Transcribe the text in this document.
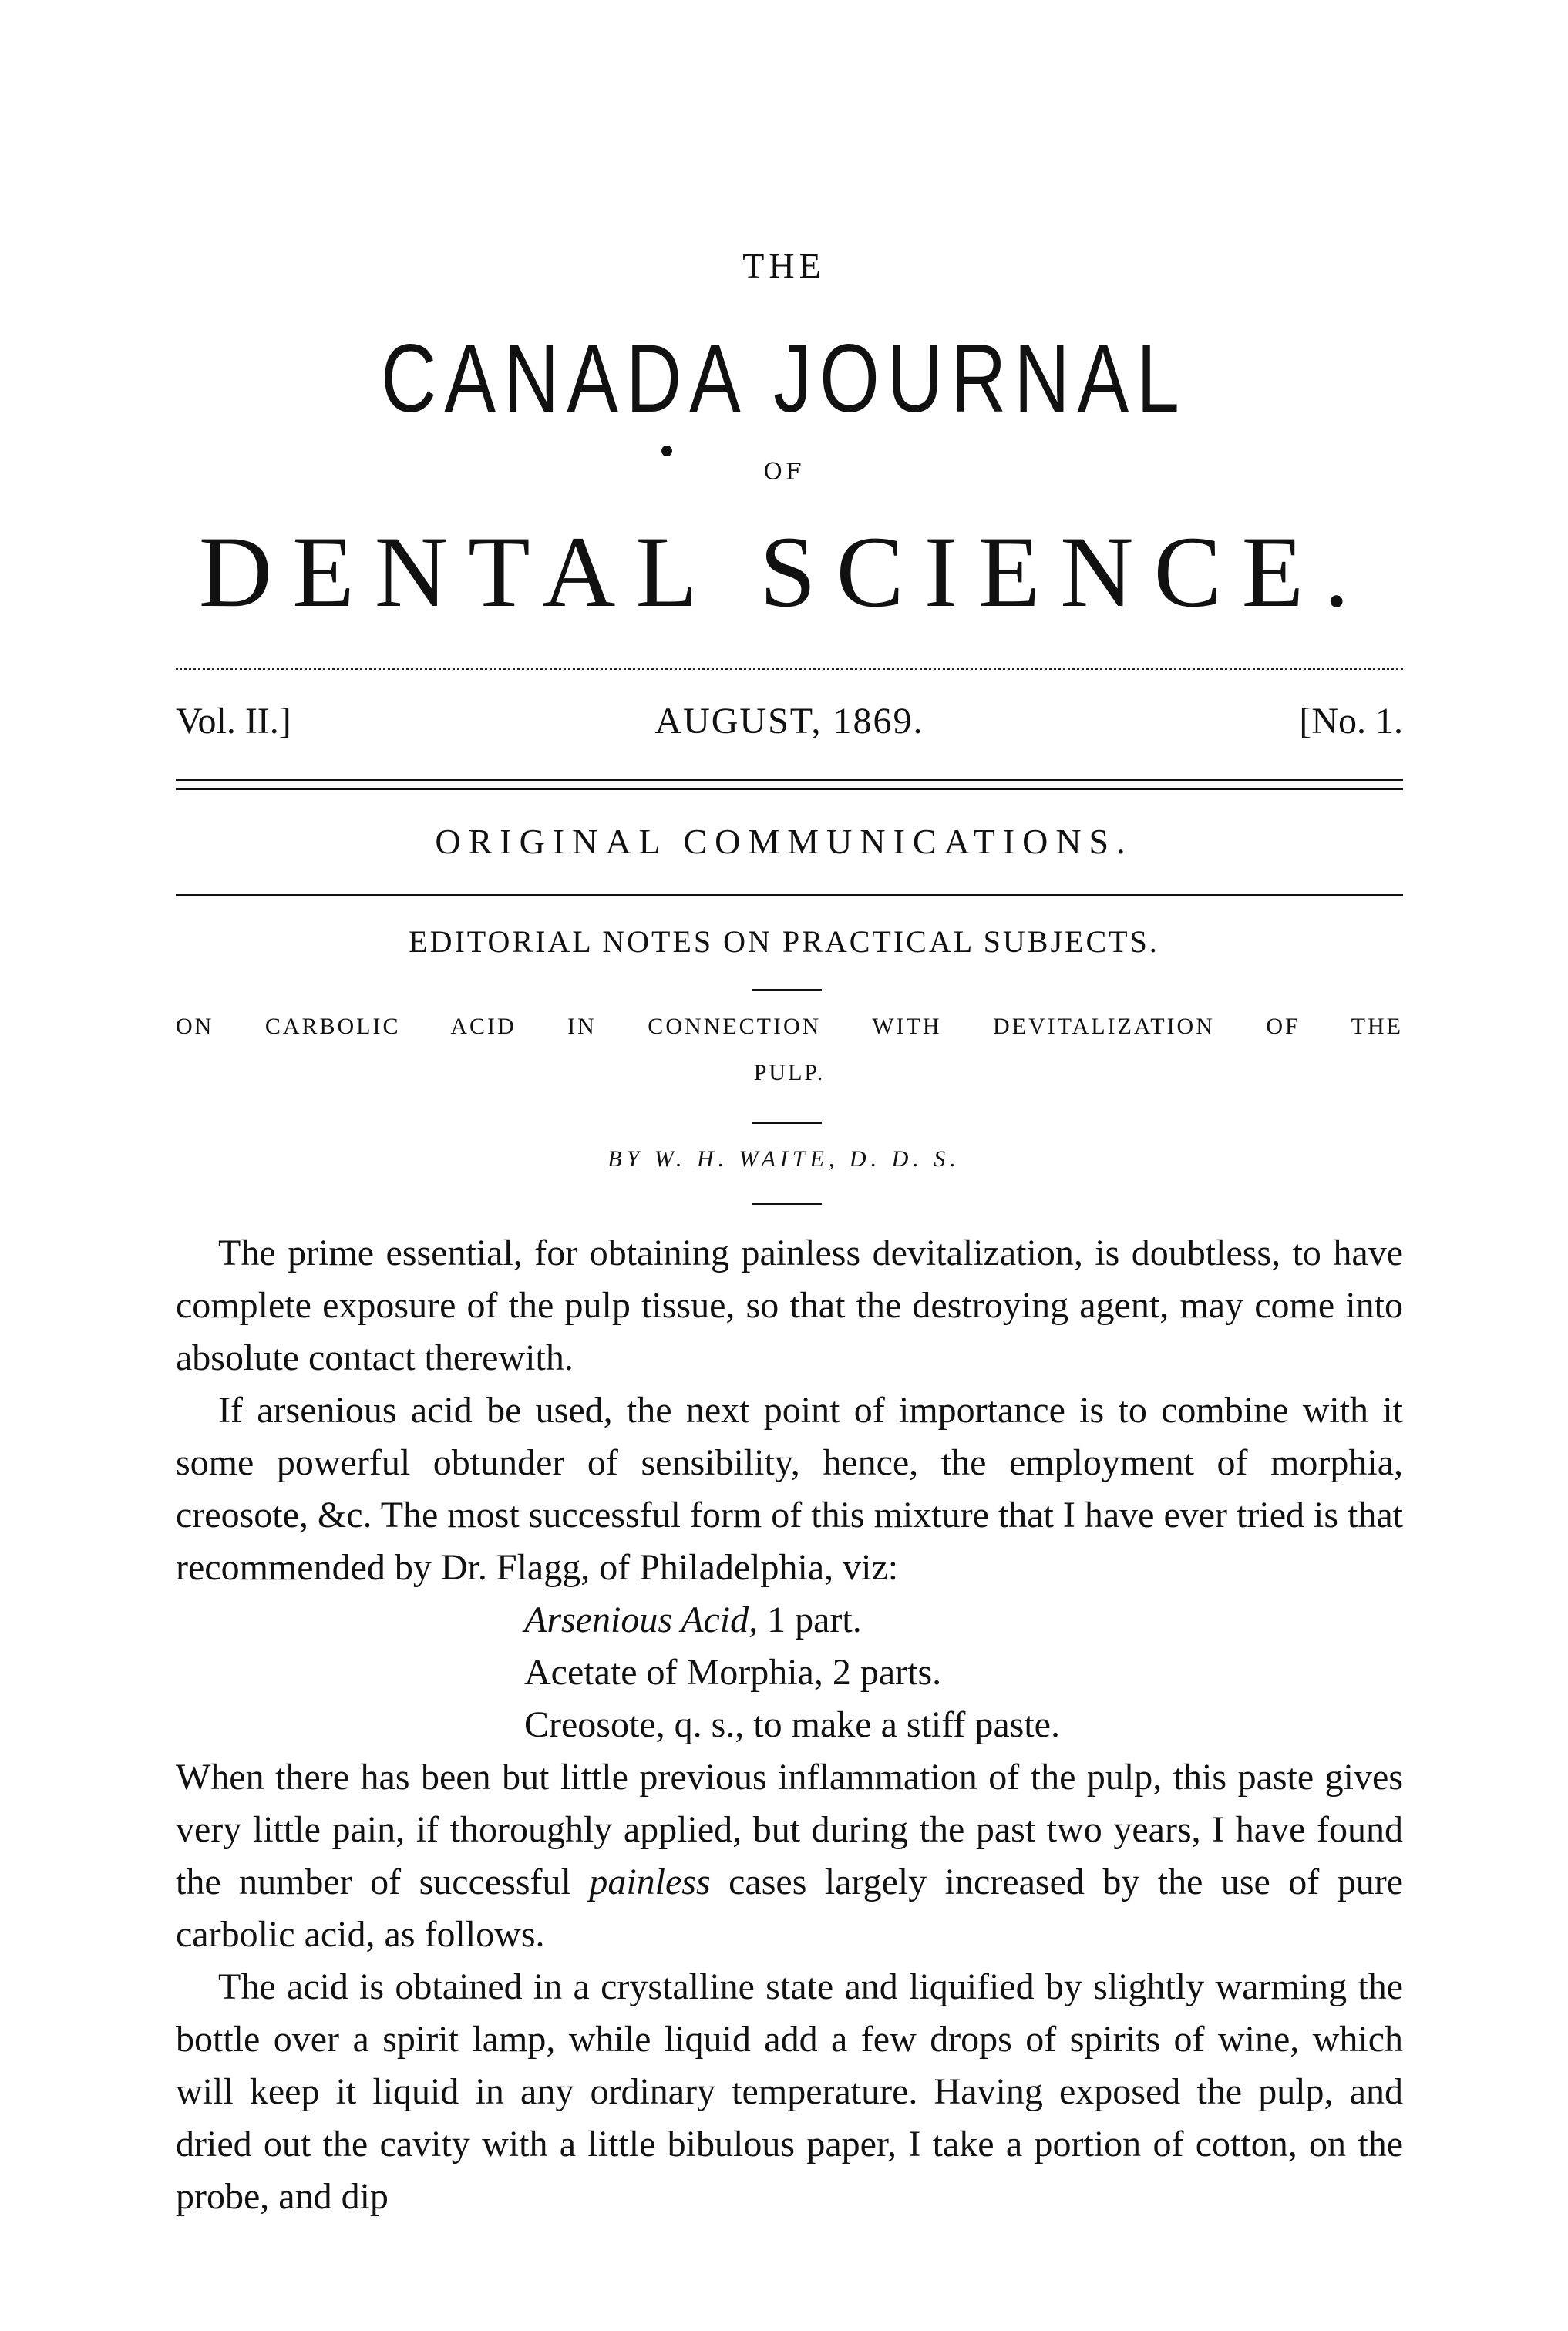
THE
CANADA JOURNAL
OF
DENTAL SCIENCE.
Vol. II.]	AUGUST, 1869.	[No. 1.
ORIGINAL COMMUNICATIONS.
EDITORIAL NOTES ON PRACTICAL SUBJECTS.
ON CARBOLIC ACID IN CONNECTION WITH DEVITALIZATION OF THE
PULP.
BY W. H. WAITE, D. D. S.

The prime essential, for obtaining painless devitalization, is doubtless, to have complete exposure of the pulp tissue, so that the destroying agent, may come into absolute contact therewith.

If arsenious acid be used, the next point of importance is to combine with it some powerful obtunder of sensibility, hence, the employment of morphia, creosote, &c. The most successful form of this mixture that I have ever tried is that recommended by Dr. Flagg, of Philadelphia, viz:

Arsenious Acid, 1 part.
Acetate of Morphia, 2 parts.
Creosote, q. s., to make a stiff paste.

When there has been but little previous inflammation of the pulp, this paste gives very little pain, if thoroughly applied, but during the past two years, I have found the number of successful painless cases largely increased by the use of pure carbolic acid, as follows.

The acid is obtained in a crystalline state and liquified by slightly warming the bottle over a spirit lamp, while liquid add a few drops of spirits of wine, which will keep it liquid in any ordinary temperature. Having exposed the pulp, and dried out the cavity with a little bibulous paper, I take a portion of cotton, on the probe, and dip
